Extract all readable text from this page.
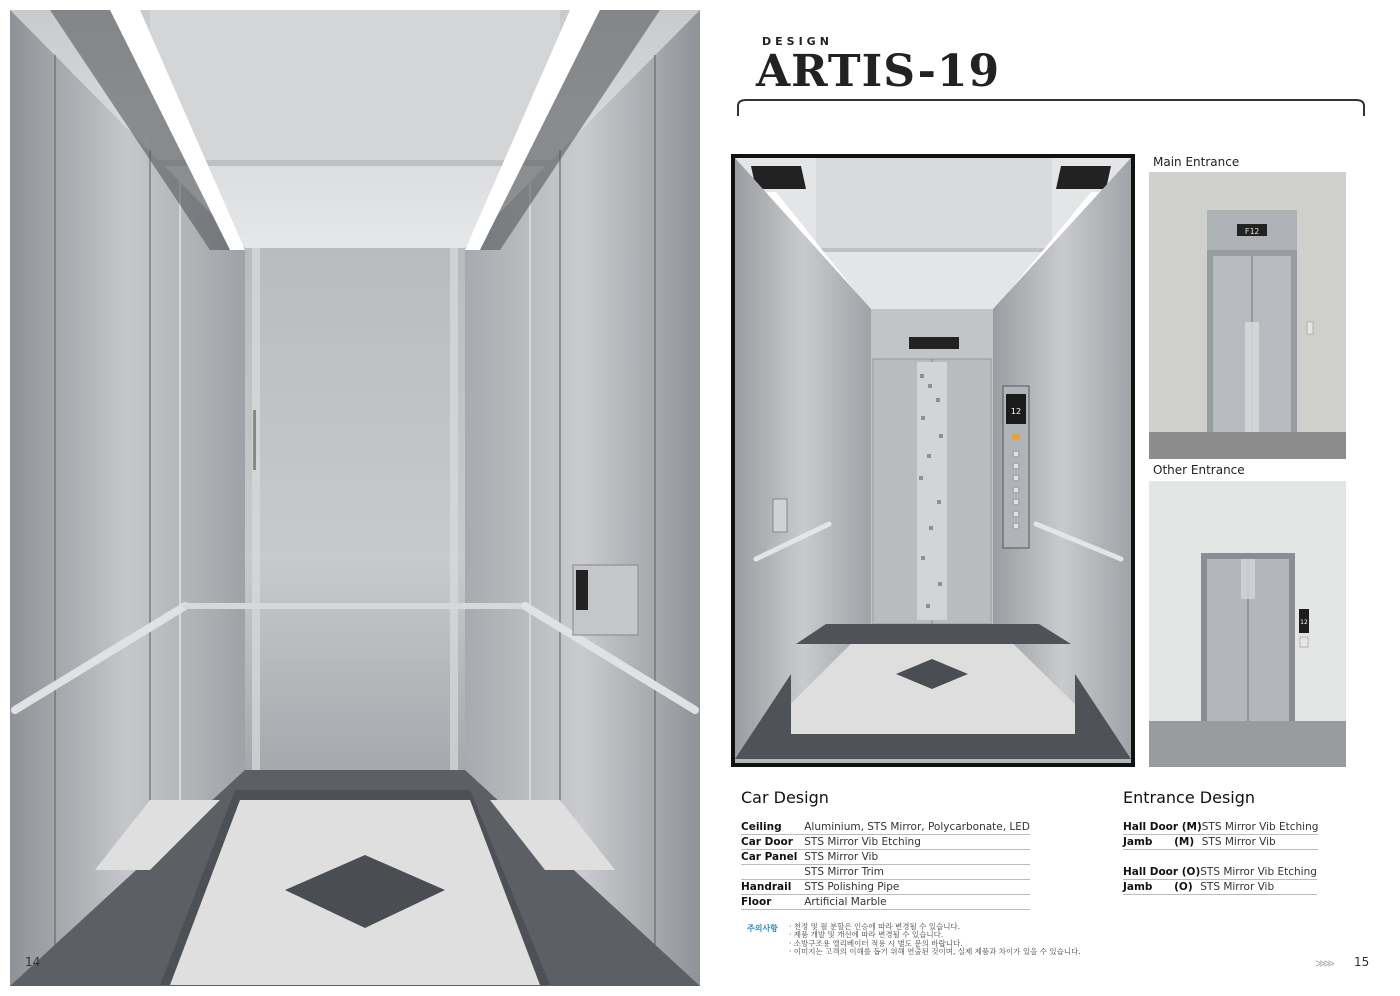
14
DESIGN
ARTIS-19
12
Main Entrance
F12
Other Entrance
12
Car Design
Ceiling	Aluminium, STS Mirror, Polycarbonate, LED
Car Door	STS Mirror Vib Etching
Car Panel	STS Mirror Vib
	STS Mirror Trim
Handrail	STS Polishing Pipe
Floor	Artificial Marble
Entrance Design
Hall Door (M)	STS Mirror Vib Etching
Jamb (M)	STS Mirror Vib
Hall Door (O)	STS Mirror Vib Etching
Jamb (O)	STS Mirror Vib
주의사항 · 천정 및 월 분할은 인승에 따라 변경될 수 있습니다.
· 제품 개발 및 개선에 따라 변경될 수 있습니다.
· 소방구조용 엘리베이터 적용 시 별도 문의 바랍니다.
· 이미지는 고객의 이해를 돕기 위해 연출된 것이며, 실제 제품과 차이가 있을 수 있습니다.
≫≫ 15
